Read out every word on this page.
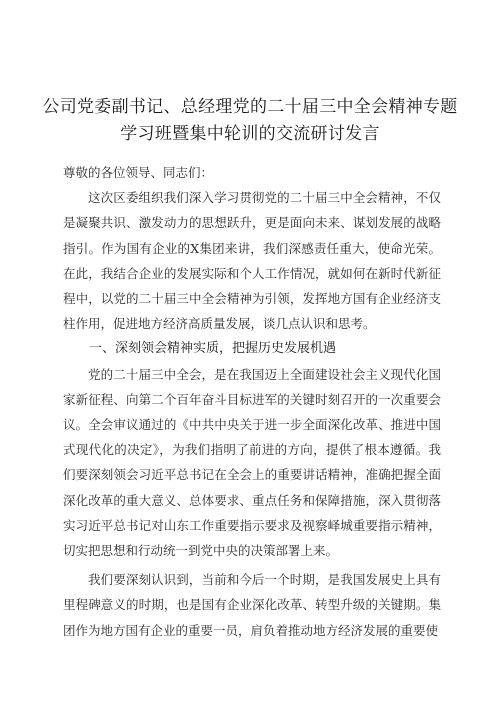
公司党委副书记、总经理党的二十届三中全会精神专题
学习班暨集中轮训的交流研讨发言

尊敬的各位领导、同志们：

这次区委组织我们深入学习贯彻党的二十届三中全会精神，不仅是凝聚共识、激发动力的思想跃升，更是面向未来、谋划发展的战略指引。作为国有企业的X集团来讲，我们深感责任重大，使命光荣。在此，我结合企业的发展实际和个人工作情况，就如何在新时代新征程中，以党的二十届三中全会精神为引领，发挥地方国有企业经济支柱作用，促进地方经济高质量发展，谈几点认识和思考。

一、深刻领会精神实质，把握历史发展机遇

党的二十届三中全会，是在我国迈上全面建设社会主义现代化国家新征程、向第二个百年奋斗目标进军的关键时刻召开的一次重要会议。全会审议通过的《中共中央关于进一步全面深化改革、推进中国式现代化的决定》，为我们指明了前进的方向，提供了根本遵循。我们要深刻领会习近平总书记在全会上的重要讲话精神，准确把握全面深化改革的重大意义、总体要求、重点任务和保障措施，深入贯彻落实习近平总书记对山东工作重要指示要求及视察峄城重要指示精神，切实把思想和行动统一到党中央的决策部署上来。

我们要深刻认识到，当前和今后一个时期，是我国发展史上具有里程碑意义的时期，也是国有企业深化改革、转型升级的关键期。集团作为地方国有企业的重要一员，肩负着推动地方经济发展的重要使
